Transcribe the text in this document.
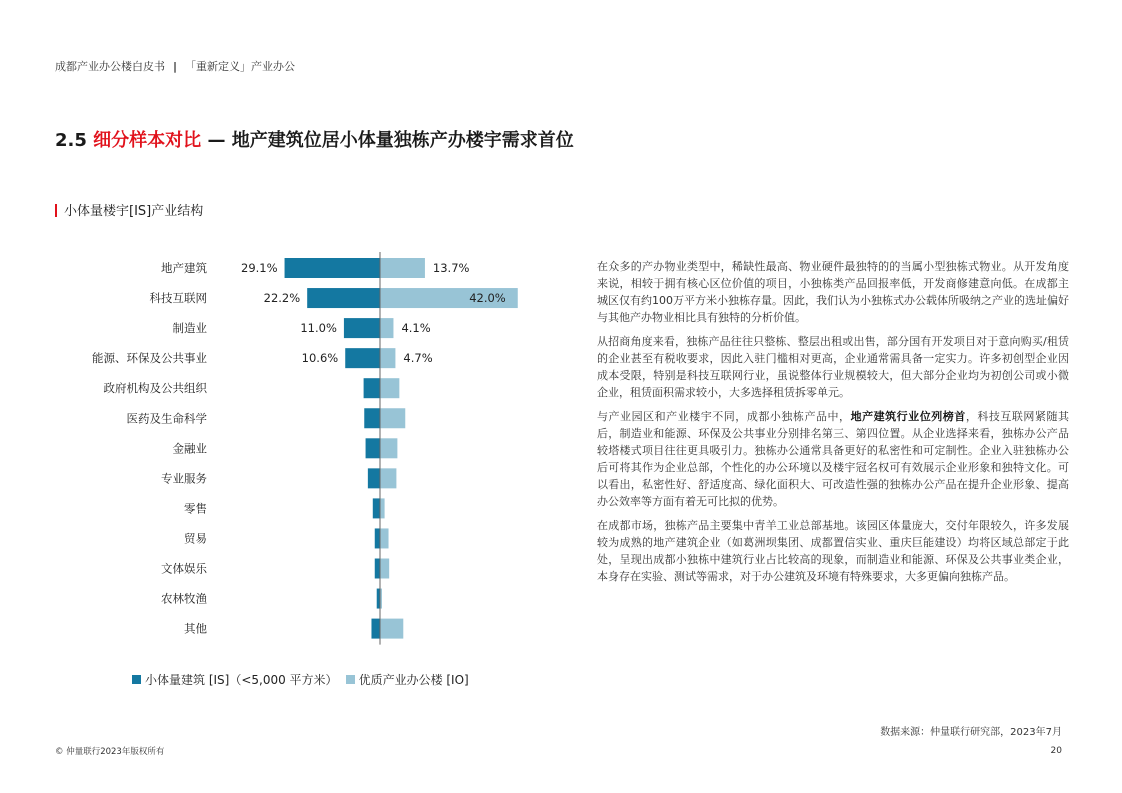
成都产业办公楼白皮书 | 「重新定义」产业办公
2.5 细分样本对比 — 地产建筑位居小体量独栋产办楼宇需求首位
小体量楼宇[IS]产业结构
地产建筑	29.1%	13.7%
科技互联网	22.2%	42.0%
制造业	11.0%	4.1%
能源、环保及公共事业	10.6%	4.7%
政府机构及公共组织
医药及生命科学
金融业
专业服务
零售
贸易
文体娱乐
农林牧渔
其他
小体量建筑 [IS]（<5,000 平方米） 优质产业办公楼 [IO]

在众多的产办物业类型中，稀缺性最高、物业硬件最独特的的当属小型独栋式物业。从开发角度来说，相较于拥有核心区位价值的项目，小独栋类产品回报率低，开发商修建意向低。在成都主城区仅有约100万平方米小独栋存量。因此，我们认为小独栋式办公载体所吸纳之产业的选址偏好与其他产办物业相比具有独特的分析价值。

从招商角度来看，独栋产品往往只整栋、整层出租或出售，部分国有开发项目对于意向购买/租赁的企业甚至有税收要求，因此入驻门槛相对更高，企业通常需具备一定实力。许多初创型企业因成本受限，特别是科技互联网行业，虽说整体行业规模较大，但大部分企业均为初创公司或小微企业，租赁面积需求较小，大多选择租赁拆零单元。

与产业园区和产业楼宇不同，成都小独栋产品中，地产建筑行业位列榜首，科技互联网紧随其后，制造业和能源、环保及公共事业分别排名第三、第四位置。从企业选择来看，独栋办公产品较塔楼式项目往往更具吸引力。独栋办公通常具备更好的私密性和可定制性。企业入驻独栋办公后可将其作为企业总部，个性化的办公环境以及楼宇冠名权可有效展示企业形象和独特文化。可以看出，私密性好、舒适度高、绿化面积大、可改造性强的独栋办公产品在提升企业形象、提高办公效率等方面有着无可比拟的优势。

在成都市场，独栋产品主要集中青羊工业总部基地。该园区体量庞大，交付年限较久，许多发展较为成熟的地产建筑企业（如葛洲坝集团、成都置信实业、重庆巨能建设）均将区域总部定于此处，呈现出成都小独栋中建筑行业占比较高的现象，而制造业和能源、环保及公共事业类企业，本身存在实验、测试等需求，对于办公建筑及环境有特殊要求，大多更偏向独栋产品。

数据来源：仲量联行研究部，2023年7月
© 仲量联行2023年版权所有	20
